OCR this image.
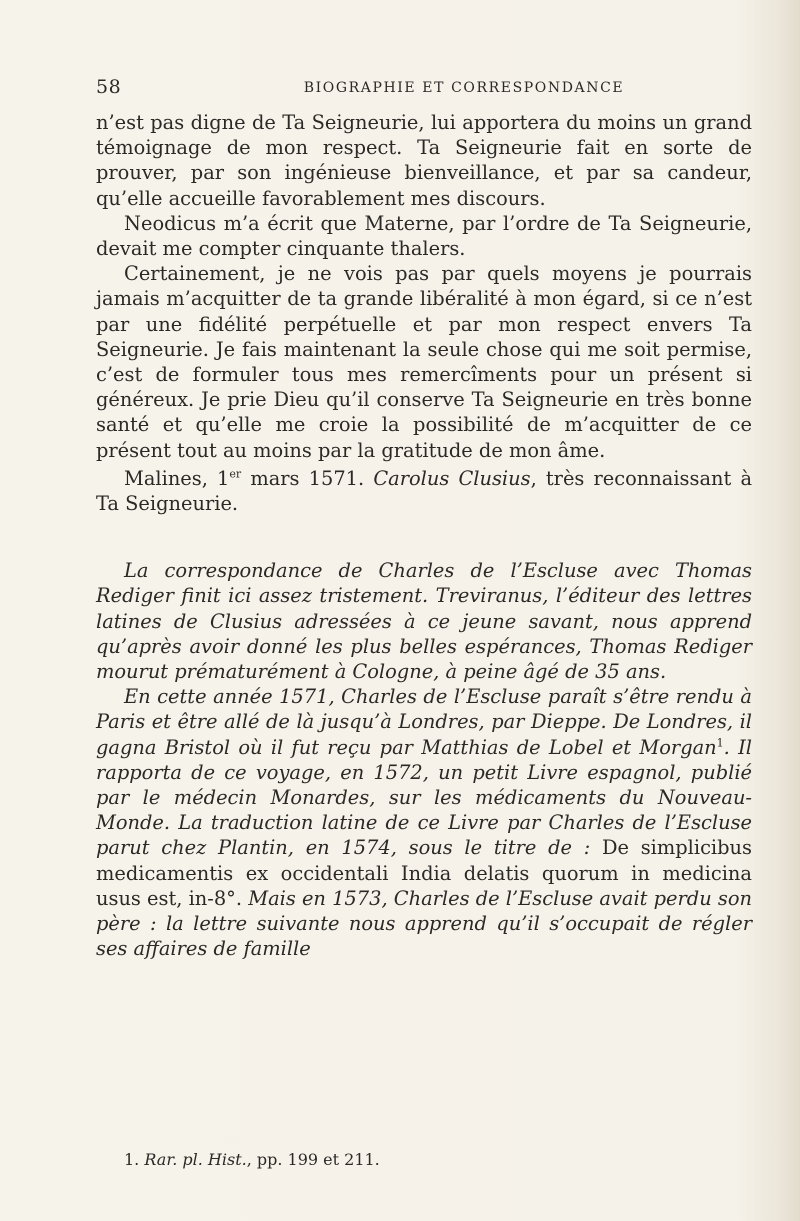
58	BIOGRAPHIE ET CORRESPONDANCE

n’est pas digne de Ta Seigneurie, lui apportera du moins un grand témoignage de mon respect. Ta Seigneurie fait en sorte de prouver, par son ingénieuse bienveillance, et par sa candeur, qu’elle accueille favorablement mes discours.

Neodicus m’a écrit que Materne, par l’ordre de Ta Seigneurie, devait me compter cinquante thalers.

Certainement, je ne vois pas par quels moyens je pourrais jamais m’acquitter de ta grande libéralité à mon égard, si ce n’est par une fidélité perpétuelle et par mon respect envers Ta Seigneurie. Je fais maintenant la seule chose qui me soit permise, c’est de formuler tous mes remercîments pour un présent si généreux. Je prie Dieu qu’il conserve Ta Seigneurie en très bonne santé et qu’elle me croie la possibilité de m’acquitter de ce présent tout au moins par la gratitude de mon âme.

Malines, 1er mars 1571. Carolus Clusius, très reconnaissant à Ta Seigneurie.

La correspondance de Charles de l’Escluse avec Thomas Rediger finit ici assez tristement. Treviranus, l’éditeur des lettres latines de Clusius adressées à ce jeune savant, nous apprend qu’après avoir donné les plus belles espérances, Thomas Rediger mourut prématurément à Cologne, à peine âgé de 35 ans.

En cette année 1571, Charles de l’Escluse paraît s’être rendu à Paris et être allé de là jusqu’à Londres, par Dieppe. De Londres, il gagna Bristol où il fut reçu par Matthias de Lobel et Morgan$^1$. Il rapporta de ce voyage, en 1572, un petit Livre espagnol, publié par le médecin Monardes, sur les médicaments du Nouveau-Monde. La traduction latine de ce Livre par Charles de l’Escluse parut chez Plantin, en 1574, sous le titre de : De simplicibus medicamentis ex occidentali India delatis quorum in medicina usus est, in-8°. Mais en 1573, Charles de l’Escluse avait perdu son père : la lettre suivante nous apprend qu’il s’occupait de régler ses affaires de famille

1. Rar. pl. Hist., pp. 199 et 211.
